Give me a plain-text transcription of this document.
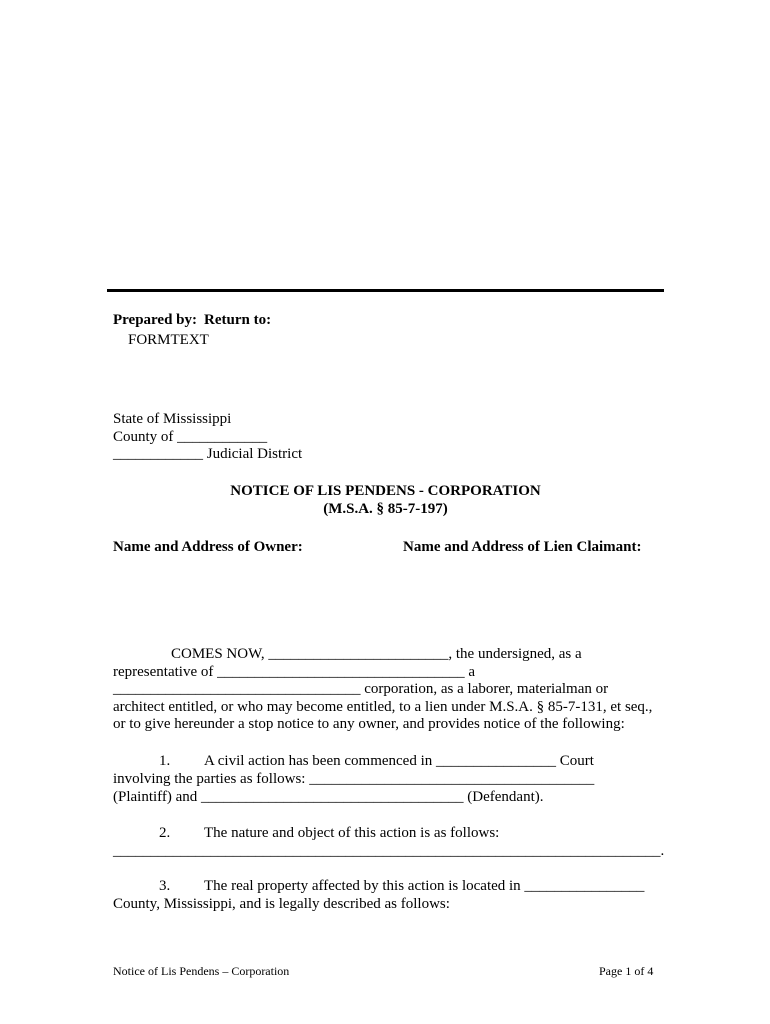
Prepared by: Return to:
FORMTEXT
State of Mississippi
County of ____________
____________ Judicial District
NOTICE OF LIS PENDENS - CORPORATION
(M.S.A. § 85-7-197)
Name and Address of Owner:	Name and Address of Lien Claimant:
COMES NOW, ________________________, the undersigned, as a
representative of _________________________________ a
_________________________________ corporation, as a laborer, materialman or
architect entitled, or who may become entitled, to a lien under M.S.A. § 85-7-131, et seq.,
or to give hereunder a stop notice to any owner, and provides notice of the following:
1. A civil action has been commenced in ________________ Court
involving the parties as follows: ______________________________________
(Plaintiff) and ___________________________________ (Defendant).
2. The nature and object of this action is as follows:
_________________________________________________________________________.
3. The real property affected by this action is located in ________________
County, Mississippi, and is legally described as follows:
Notice of Lis Pendens – Corporation	Page 1 of 4
